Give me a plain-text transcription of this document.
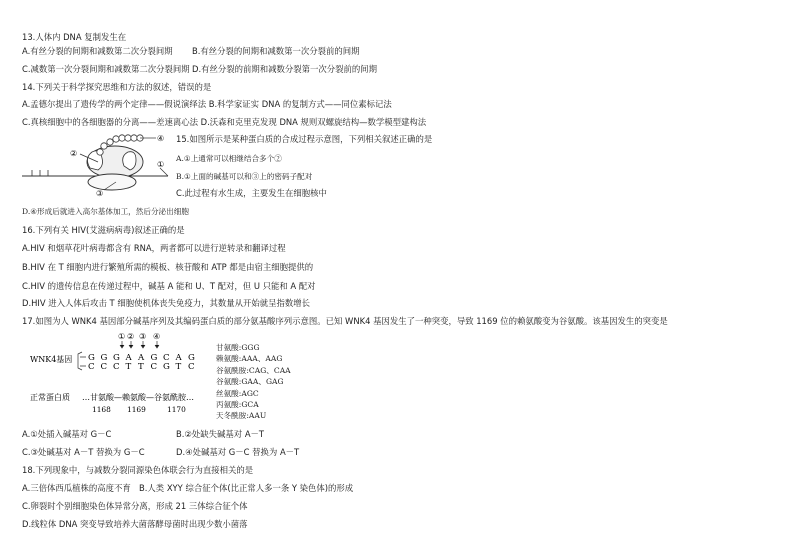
13.人体内 DNA 复制发生在
A.有丝分裂的间期和减数第二次分裂间期 B.有丝分裂的间期和减数第一次分裂前的间期
C.减数第一次分裂间期和减数第二次分裂间期 D.有丝分裂的前期和减数分裂第一次分裂前的间期
14.下列关于科学探究思维和方法的叙述，错误的是
A.孟德尔提出了遗传学的两个定律——假说演绎法 B.科学家证实 DNA 的复制方式——同位素标记法
C.真核细胞中的各细胞器的分离——差速离心法 D.沃森和克里克发现 DNA 规则双螺旋结构—数学模型建构法
①
②
③
④ 15.如图所示是某种蛋白质的合成过程示意图，下列相关叙述正确的是
A.①上通常可以相继结合多个②
B.①上面的碱基可以和③上的密码子配对
C.此过程有水生成，主要发生在细胞核中
D.④形成后就进入高尔基体加工，然后分泌出细胞
16.下列有关 HIV(艾滋病病毒)叙述正确的是
A.HIV 和烟草花叶病毒都含有 RNA，两者都可以进行逆转录和翻译过程
B.HIV 在 T 细胞内进行繁殖所需的模板、核苷酸和 ATP 都是由宿主细胞提供的
C.HIV 的遗传信息在传递过程中，碱基 A 能和 U、T 配对，但 U 只能和 A 配对
D.HIV 进入人体后攻击 T 细胞使机体丧失免疫力，其数量从开始就呈指数增长
17.如图为人 WNK4 基因部分碱基序列及其编码蛋白质的部分氨基酸序列示意图。已知 WNK4 基因发生了一种突变，导致 1169 位的赖氨酸变为谷氨酸。该基因发生的突变是
WNK4基因
① ② ③ ④
G G G A A G C A G
C C C T T C G T C
正常蛋白质 …甘氨酸—赖氨酸—谷氨酰胺…
1168 1169	1170
甘氨酸:GGG
赖氨酸:AAA、AAG
谷氨酰胺:CAG、CAA
谷氨酸:GAA、GAG
丝氨酸:AGC
丙氨酸:GCA
天冬酰胺:AAU
A.①处插入碱基对 G－C	B.②处缺失碱基对 A－T
C.③处碱基对 A－T 替换为 G－C	D.④处碱基对 G－C 替换为 A－T
18.下列现象中，与减数分裂同源染色体联会行为直接相关的是
A.三倍体西瓜植株的高度不育 B.人类 XYY 综合征个体(比正常人多一条 Y 染色体)的形成
C.卵裂时个别细胞染色体异常分离，形成 21 三体综合征个体
D.线粒体 DNA 突变导致培养大菌落酵母菌时出现少数小菌落
